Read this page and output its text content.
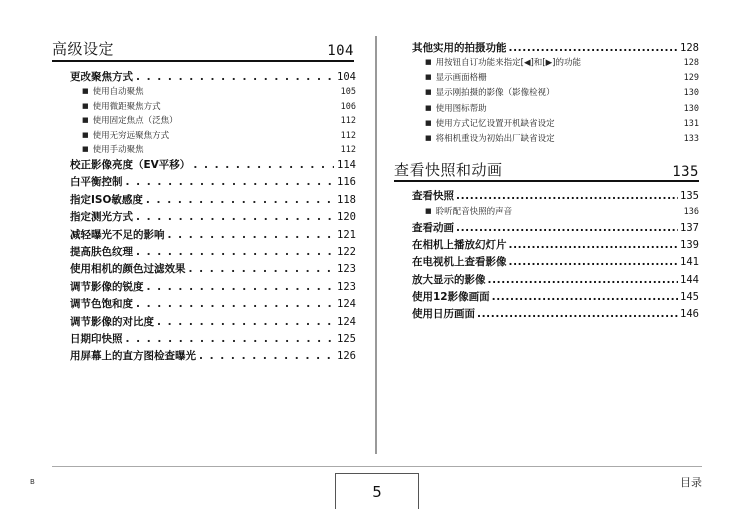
高级设定	104
更改聚焦方式 . . .	104
其他实用的拍摄功能 .....	128
查看快照和动画	135
查看快照 .....	135
■ 聆听配音快照的声音	136
B
5
目录
■ 使用自动聚焦	105
■ 使用微距聚焦方式	106
■ 使用固定焦点（泛焦）	112
■ 使用无穷远聚焦方式	112
■ 使用手动聚焦	112
校正影像亮度（EV平移） . . .	114
白平衡控制 . . .	116
指定ISO敏感度 . . .	118
指定测光方式 . . .	120
减轻曝光不足的影响 . . .	121
提高肤色纹理 . . .	122
使用相机的颜色过滤效果 . . .	123
调节影像的锐度 . . .	123
调节色饱和度 . . .	124
调节影像的对比度 . . .	124
日期印快照 . . .	125
用屏幕上的直方图检查曝光 . . .	126
■ 用按钮自订功能来指定[◀]和[▶]的功能	128
■ 显示画面格栅	129
■ 显示刚拍摄的影像（影像检视）	130
■ 使用图标帮助	130
■ 使用方式记忆设置开机缺省设定	131
■ 将相机重设为初始出厂缺省设定	133
查看动画 .....	137
在相机上播放幻灯片 .....	139
在电视机上查看影像 .....	141
放大显示的影像 .....	144
使用12影像画面 .....	145
使用日历画面 .....	146
